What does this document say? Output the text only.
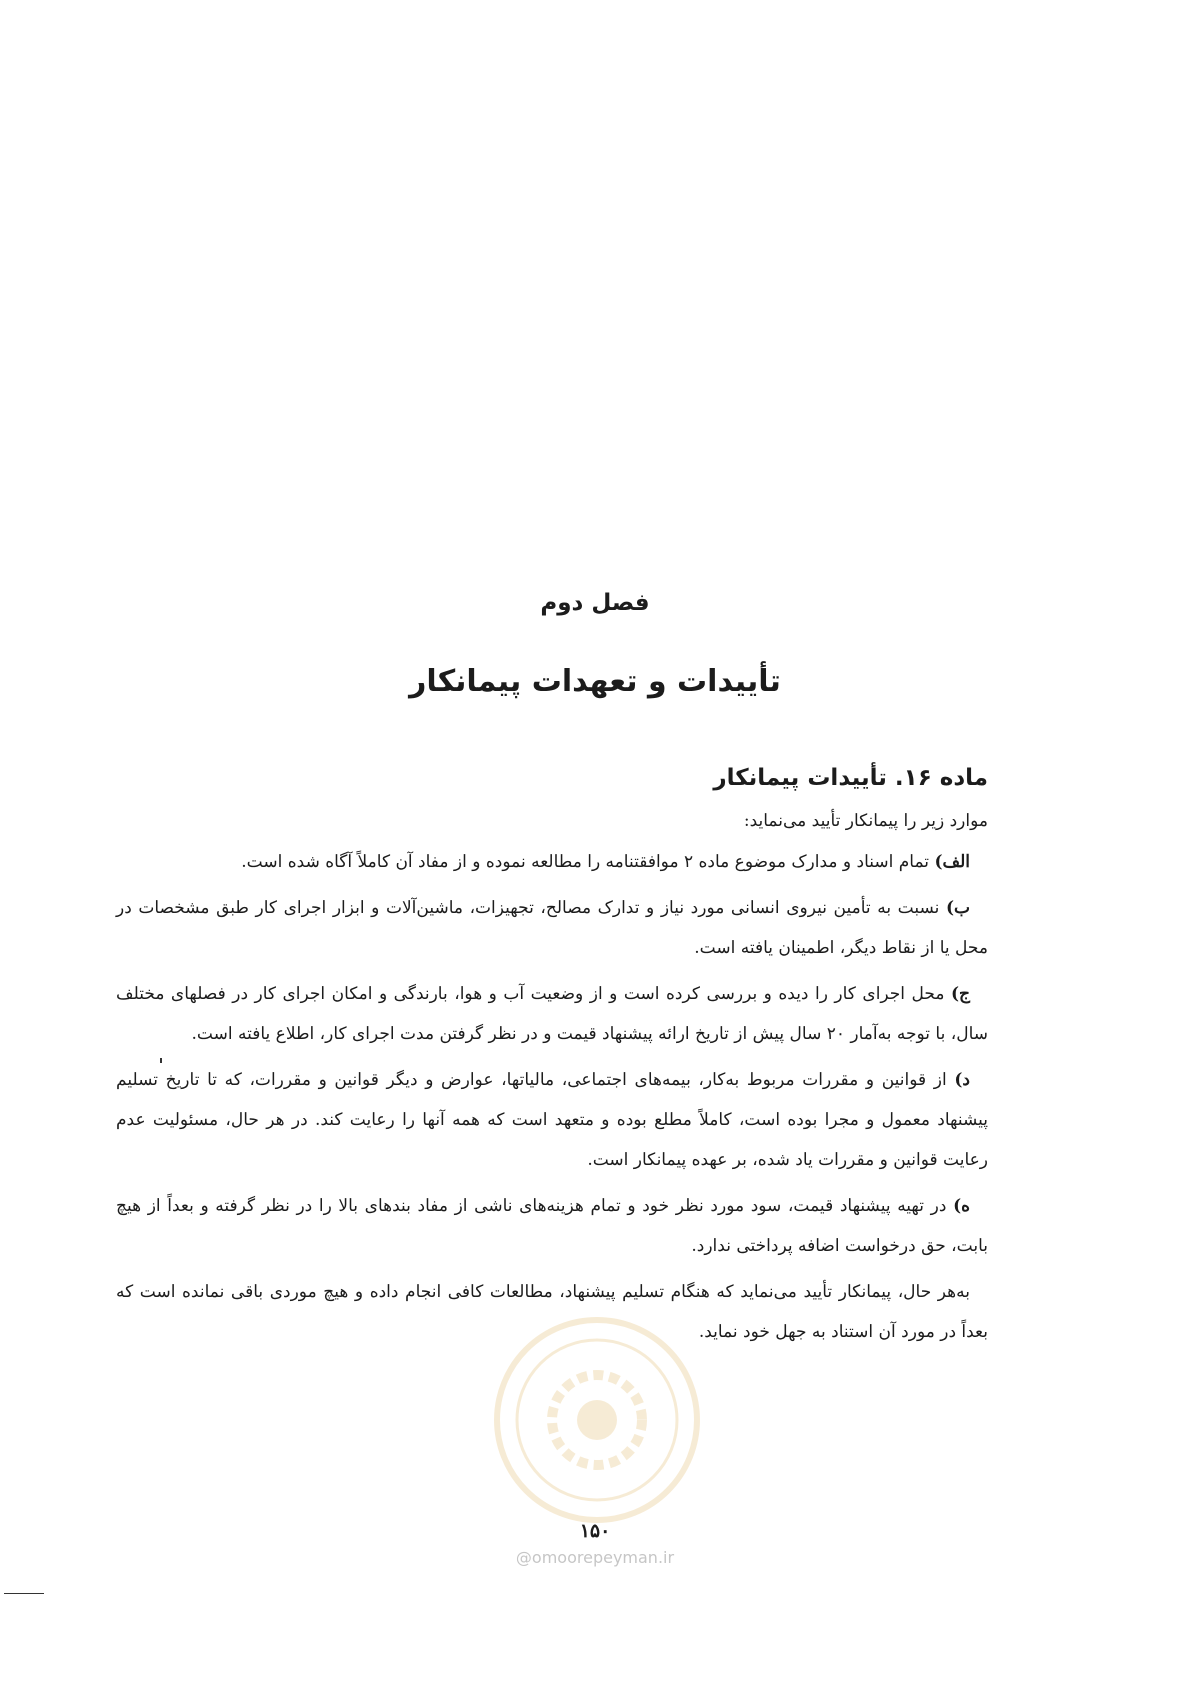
فصل دوم
تأییدات و تعهدات پیمانکار

ماده ۱۶. تأییدات پیمانکار

موارد زیر را پیمانکار تأیید می‌نماید:

الف) تمام اسناد و مدارک موضوع ماده ۲ موافقتنامه را مطالعه نموده و از مفاد آن کاملاً آگاه شده است.

ب) نسبت به تأمین نیروی انسانی مورد نیاز و تدارک مصالح، تجهیزات، ماشین‌آلات و ابزار اجرای کار طبق مشخصات در محل یا از نقاط دیگر، اطمینان یافته است.

ج) محل اجرای کار را دیده و بررسی کرده است و از وضعیت آب و هوا، بارندگی و امکان اجرای کار در فصلهای مختلف سال، با توجه به‌آمار ۲۰ سال پیش از تاریخ ارائه پیشنهاد قیمت و در نظر گرفتن مدت اجرای کار، اطلاع یافته است.

د) از قوانین و مقررات مربوط به‌کار، بیمه‌های اجتماعی، مالیاتها، عوارض و دیگر قوانین و مقررات، که تا تاریخ تسلیم پیشنهاد معمول و مجرا بوده است، کاملاً مطلع بوده و متعهد است که همه آنها را رعایت کند. در هر حال، مسئولیت عدم رعایت قوانین و مقررات یاد شده، بر عهده پیمانکار است.

ه) در تهیه پیشنهاد قیمت، سود مورد نظر خود و تمام هزینه‌های ناشی از مفاد بندهای بالا را در نظر گرفته و بعداً از هیچ بابت، حق درخواست اضافه پرداختی ندارد.

به‌هر حال، پیمانکار تأیید می‌نماید که هنگام تسلیم پیشنهاد، مطالعات کافی انجام داده و هیچ موردی باقی نمانده است که بعداً در مورد آن استناد به جهل خود نماید.

۱۵۰
@omoorepeyman.ir
